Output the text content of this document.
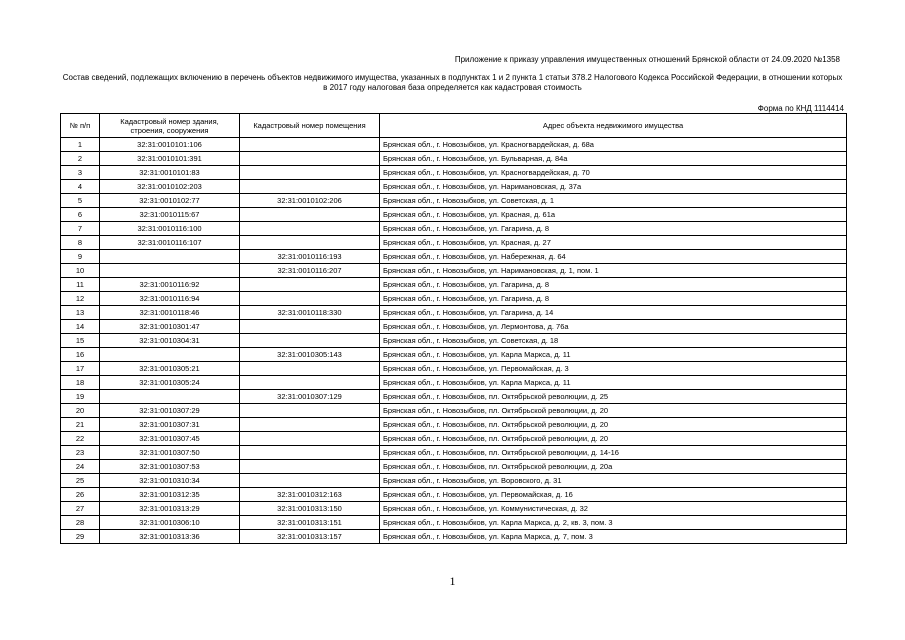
Приложение к приказу управления имущественных отношений Брянской области от 24.09.2020 №1358
Состав сведений, подлежащих включению в перечень объектов недвижимого имущества, указанных в подпунктах 1 и 2 пункта 1 статьи 378.2 Налогового Кодекса Российской Федерации, в отношении которых в 2017 году налоговая база определяется как кадастровая стоимость
Форма по КНД 1114414
№ п/п	Кадастровый номер здания, строения, сооружения	Кадастровый номер помещения	Адрес объекта недвижимого имущества
1	32:31:0010101:106		Брянская обл., г. Новозыбков, ул. Красногвардейская, д. 68а
2	32:31:0010101:391		Брянская обл., г. Новозыбков, ул. Бульварная, д. 84а
3	32:31:0010101:83		Брянская обл., г. Новозыбков, ул. Красногвардейская, д. 70
4	32:31:0010102:203		Брянская обл., г. Новозыбков, ул. Наримановская, д. 37а
5	32:31:0010102:77	32:31:0010102:206	Брянская обл., г. Новозыбков, ул. Советская, д. 1
6	32:31:0010115:67		Брянская обл., г. Новозыбков, ул. Красная, д. 61а
7	32:31:0010116:100		Брянская обл., г. Новозыбков, ул. Гагарина, д. 8
8	32:31:0010116:107		Брянская обл., г. Новозыбков, ул. Красная, д. 27
9		32:31:0010116:193	Брянская обл., г. Новозыбков, ул. Набережная, д. 64
10		32:31:0010116:207	Брянская обл., г. Новозыбков, ул. Наримановская, д. 1, пом. 1
11	32:31:0010116:92		Брянская обл., г. Новозыбков, ул. Гагарина, д. 8
12	32:31:0010116:94		Брянская обл., г. Новозыбков, ул. Гагарина, д. 8
13	32:31:0010118:46	32:31:0010118:330	Брянская обл., г. Новозыбков, ул. Гагарина, д. 14
14	32:31:0010301:47		Брянская обл., г. Новозыбков, ул. Лермонтова, д. 76а
15	32:31:0010304:31		Брянская обл., г. Новозыбков, ул. Советская, д. 18
16		32:31:0010305:143	Брянская обл., г. Новозыбков, ул. Карла Маркса, д. 11
17	32:31:0010305:21		Брянская обл., г. Новозыбков, ул. Первомайская, д. 3
18	32:31:0010305:24		Брянская обл., г. Новозыбков, ул. Карла Маркса, д. 11
19		32:31:0010307:129	Брянская обл., г. Новозыбков, пл. Октябрьской революции, д. 25
20	32:31:0010307:29		Брянская обл., г. Новозыбков, пл. Октябрьской революции, д. 20
21	32:31:0010307:31		Брянская обл., г. Новозыбков, пл. Октябрьской революции, д. 20
22	32:31:0010307:45		Брянская обл., г. Новозыбков, пл. Октябрьской революции, д. 20
23	32:31:0010307:50		Брянская обл., г. Новозыбков, пл. Октябрьской революции, д. 14-16
24	32:31:0010307:53		Брянская обл., г. Новозыбков, пл. Октябрьской революции, д. 20а
25	32:31:0010310:34		Брянская обл., г. Новозыбков, ул. Воровского, д. 31
26	32:31:0010312:35	32:31:0010312:163	Брянская обл., г. Новозыбков, ул. Первомайская, д. 16
27	32:31:0010313:29	32:31:0010313:150	Брянская обл., г. Новозыбков, ул. Коммунистическая, д. 32
28	32:31:0010306:10	32:31:0010313:151	Брянская обл., г. Новозыбков, ул. Карла Маркса, д. 2, кв. 3, пом. 3
29	32:31:0010313:36	32:31:0010313:157	Брянская обл., г. Новозыбков, ул. Карла Маркса, д. 7, пом. 3
1
